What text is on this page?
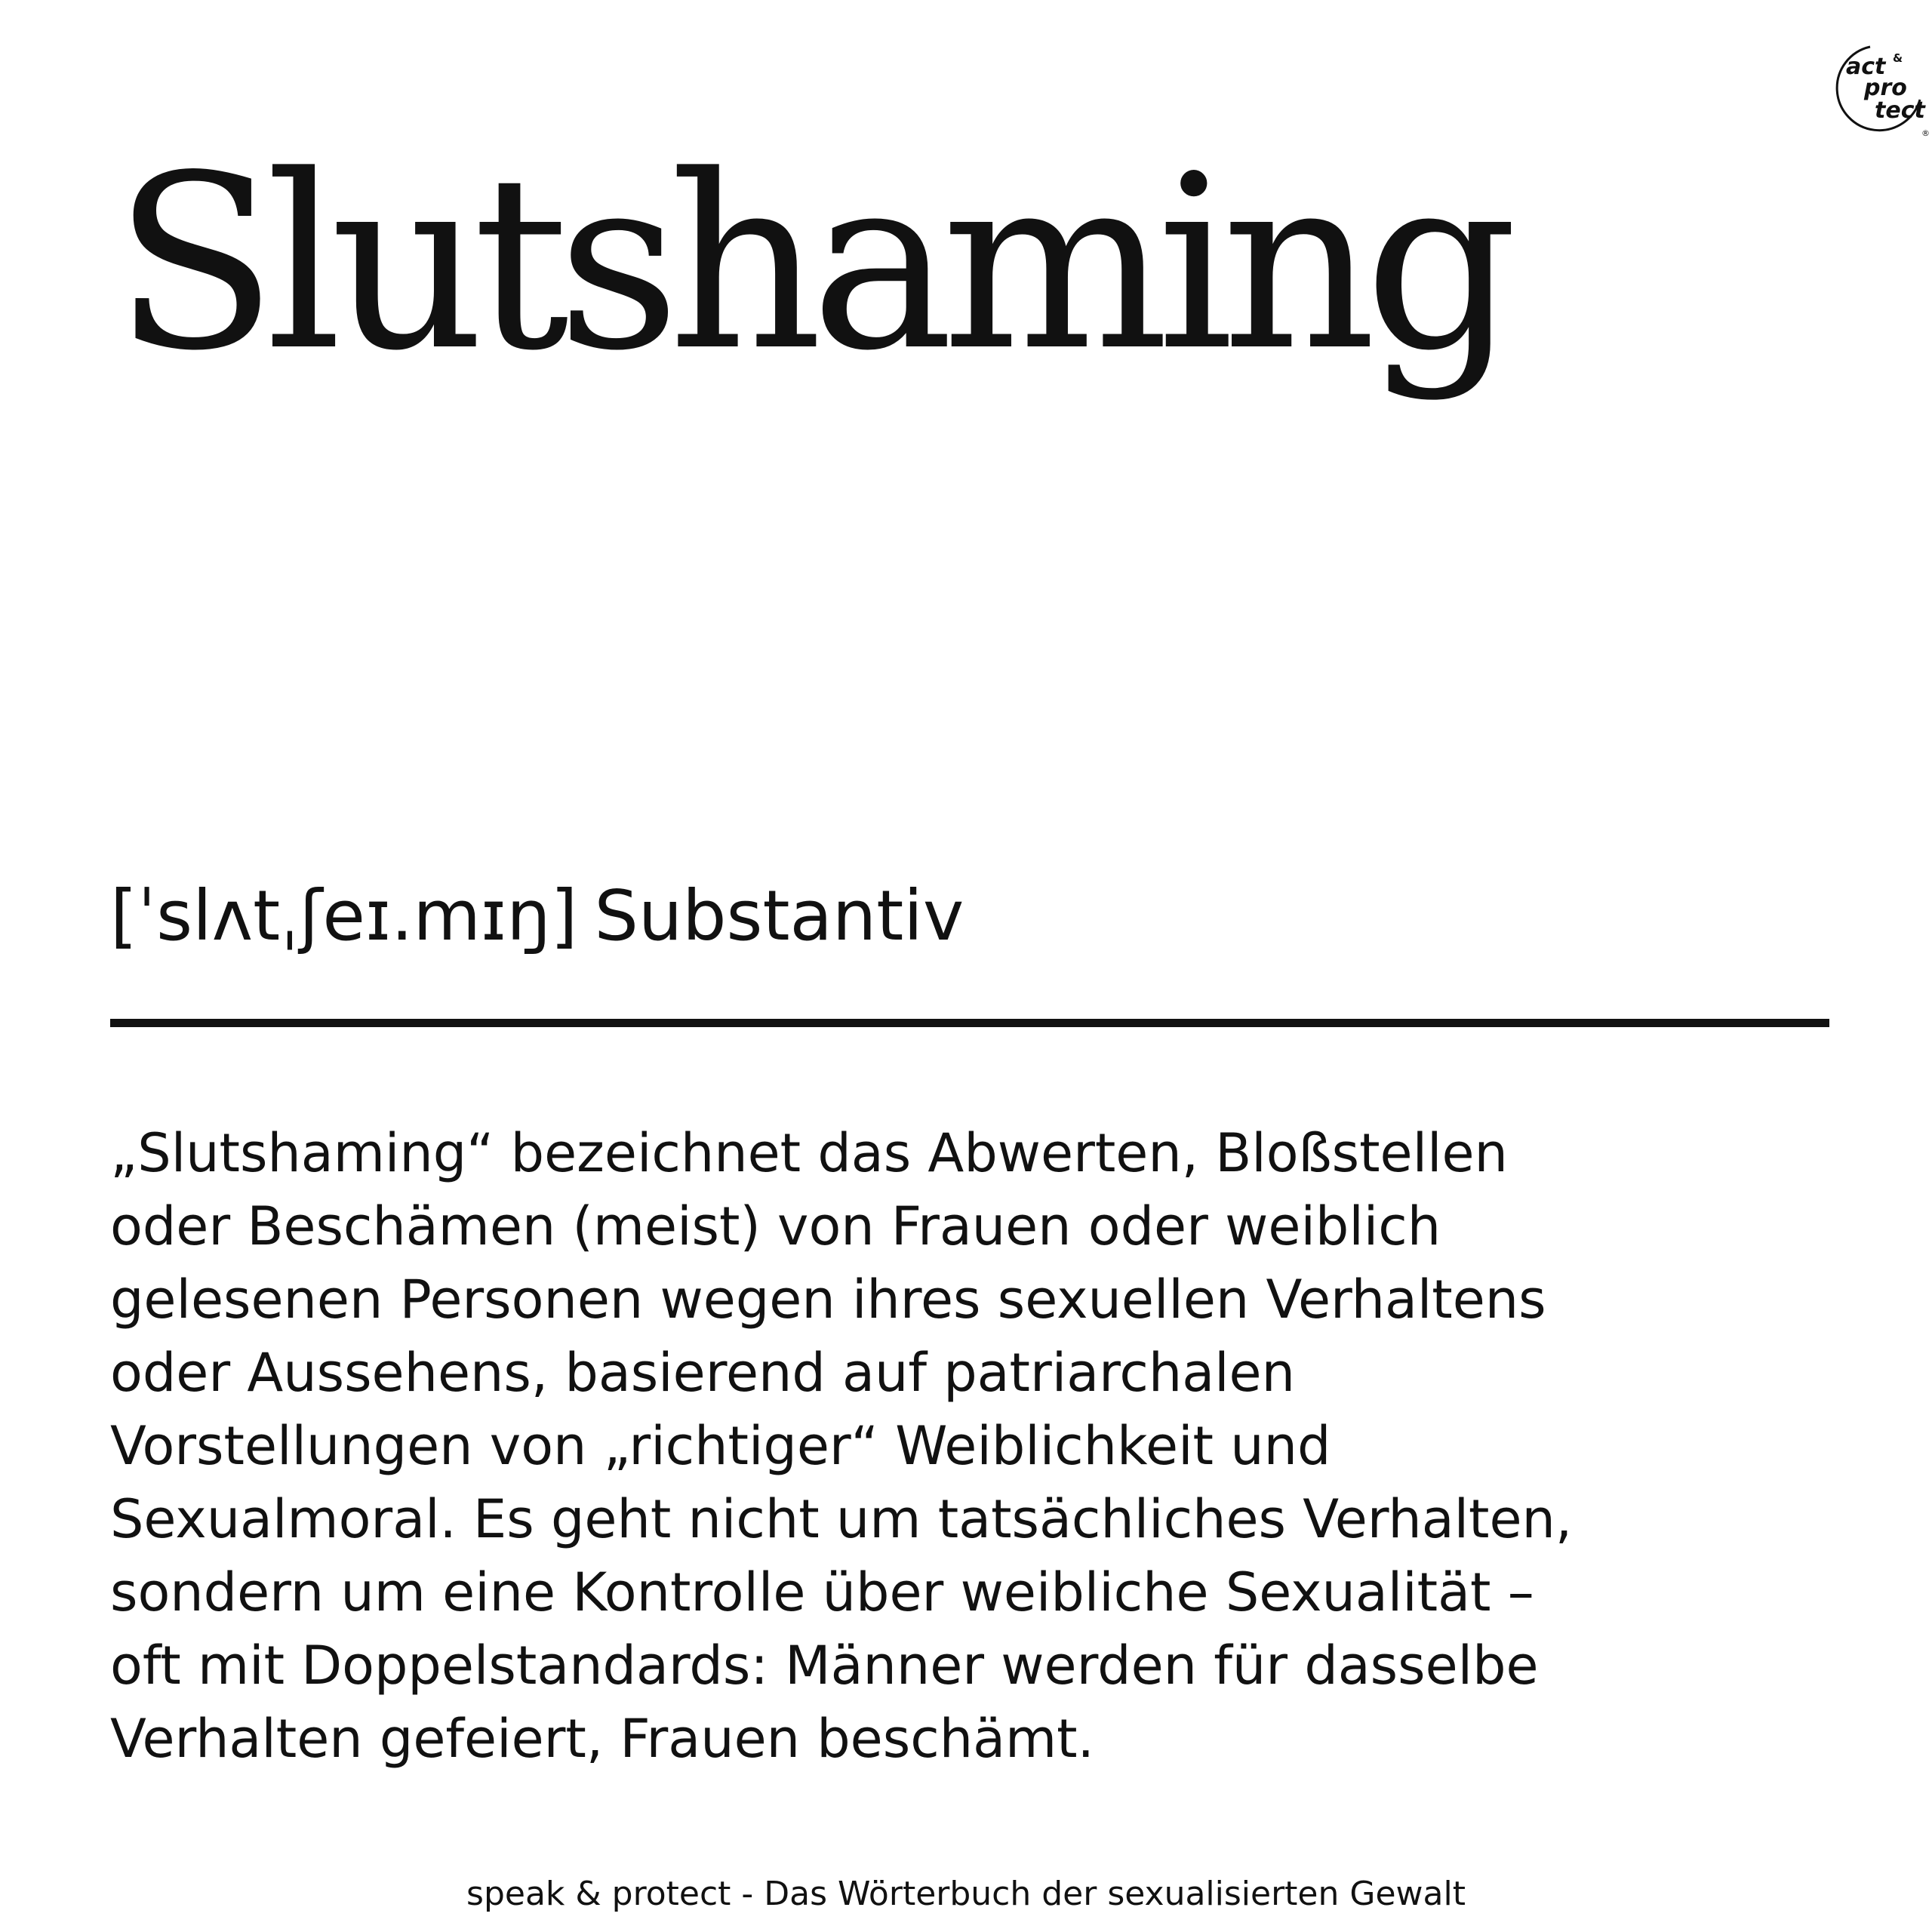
act &
pro
tect
®
Slutshaming
[ˈslʌtˌʃeɪ.mɪŋ] Substantiv

„Slutshaming“ bezeichnet das Abwerten, Bloßstellen
oder Beschämen (meist) von Frauen oder weiblich
gelesenen Personen wegen ihres sexuellen Verhaltens
oder Aussehens, basierend auf patriarchalen
Vorstellungen von „richtiger“ Weiblichkeit und
Sexualmoral. Es geht nicht um tatsächliches Verhalten,
sondern um eine Kontrolle über weibliche Sexualität –
oft mit Doppelstandards: Männer werden für dasselbe
Verhalten gefeiert, Frauen beschämt.

speak & protect - Das Wörterbuch der sexualisierten Gewalt
